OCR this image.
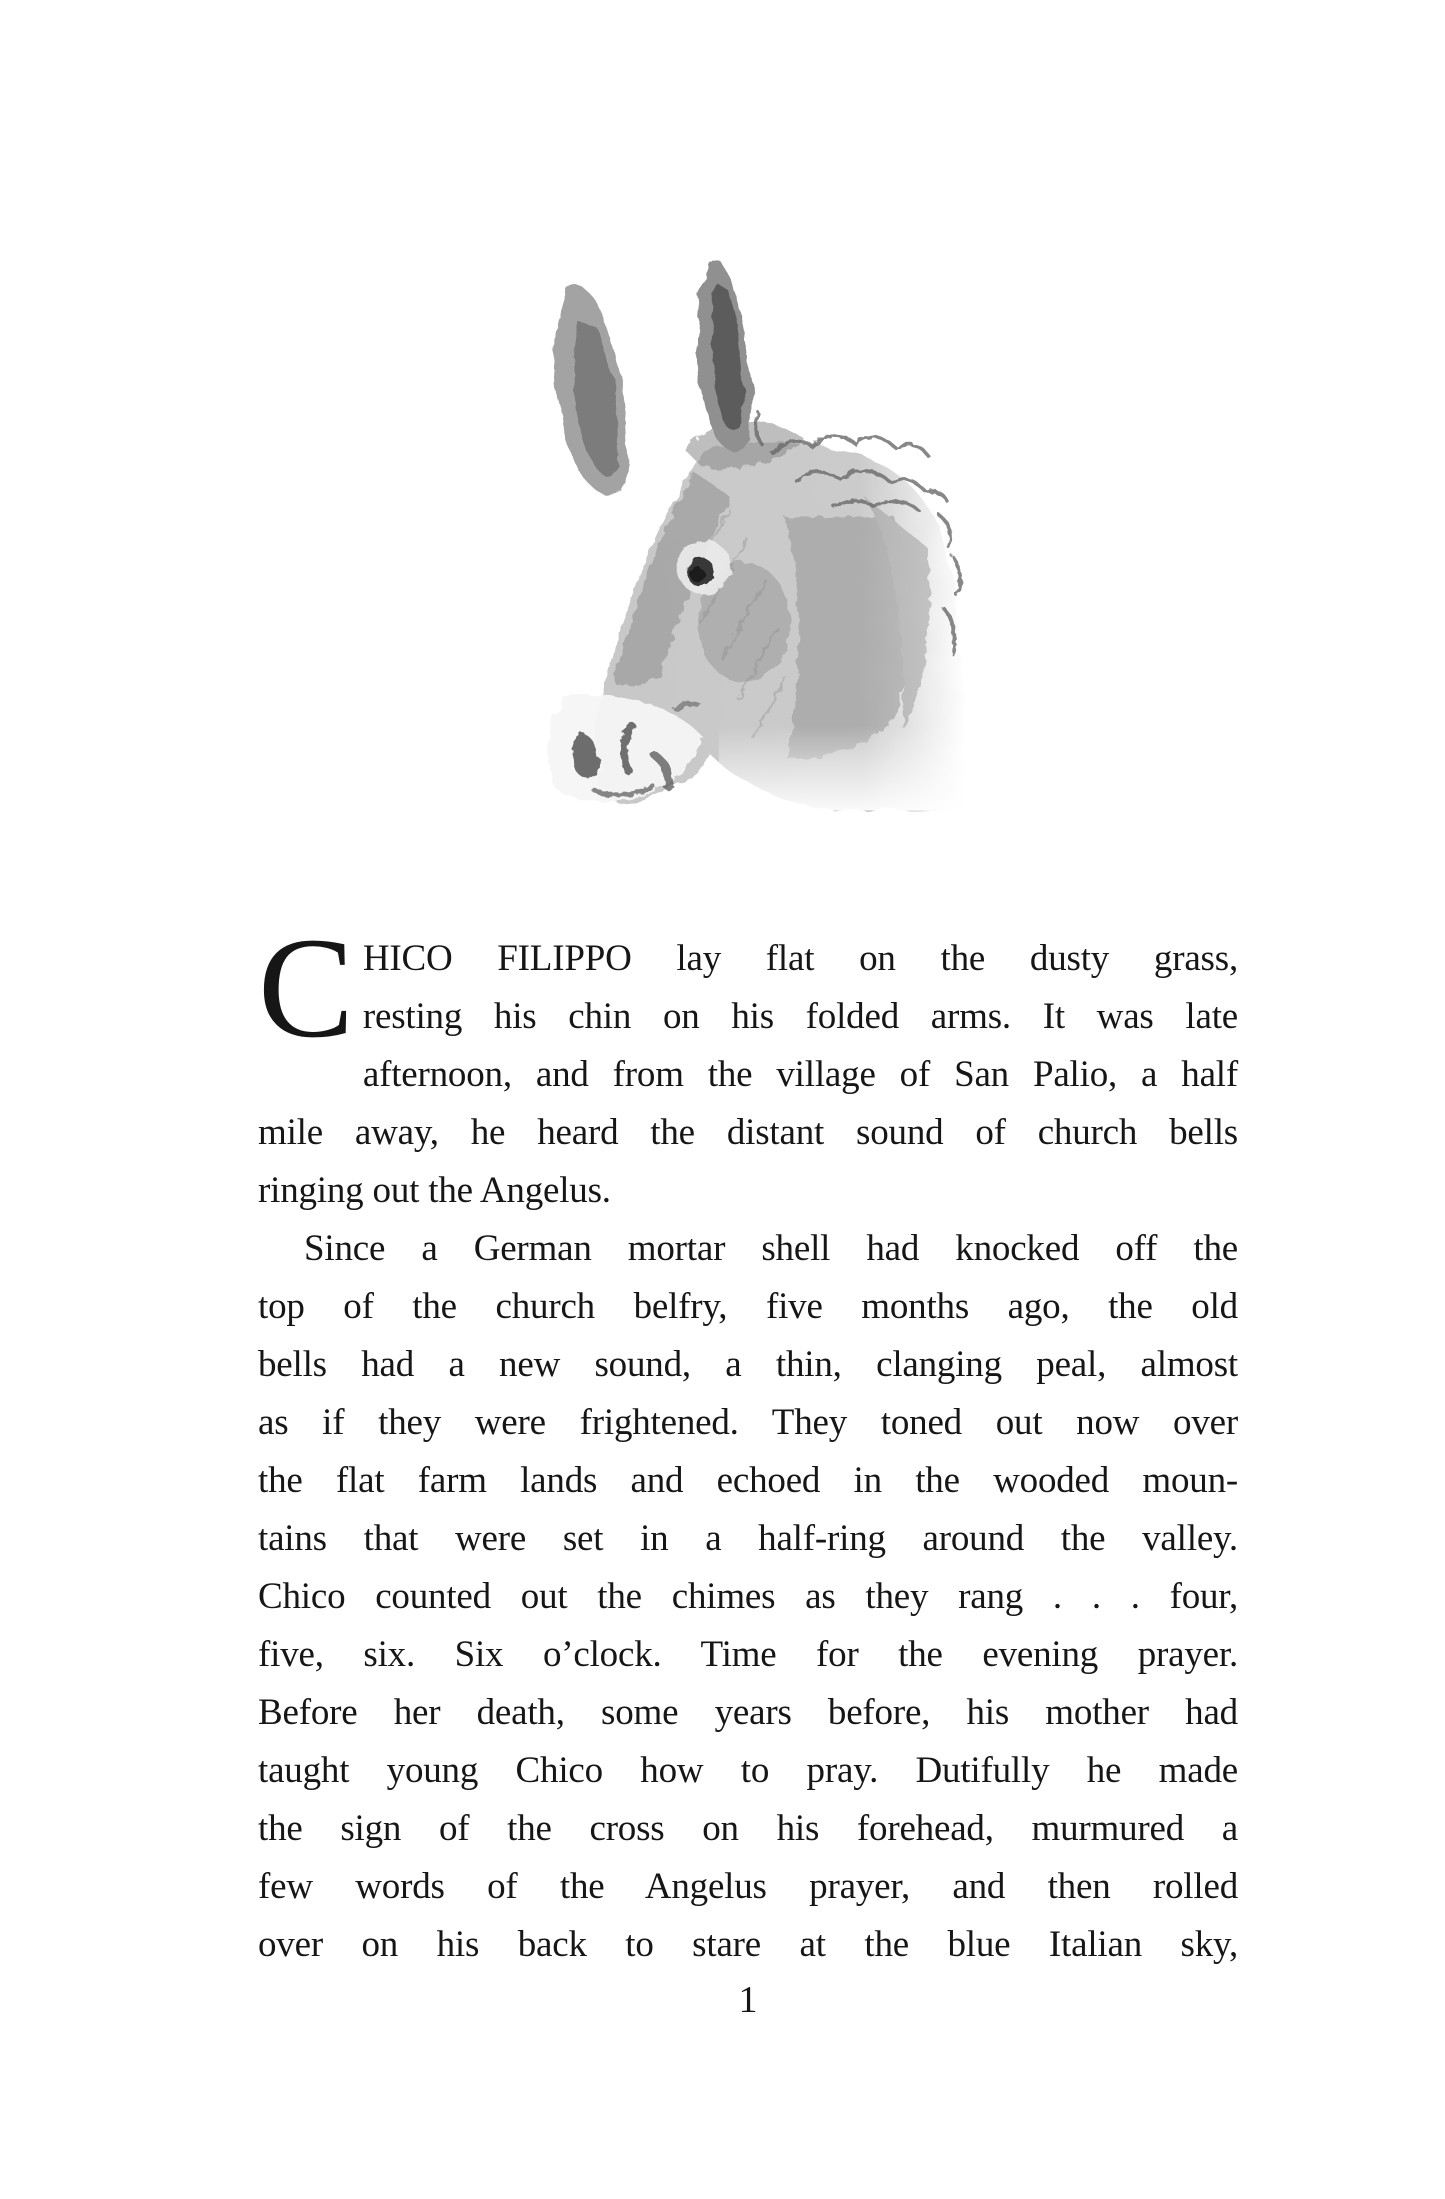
C HICO FILIPPO lay flat on the dusty grass,
resting his chin on his folded arms. It was late
afternoon, and from the village of San Palio, a half
mile away, he heard the distant sound of church bells
ringing out the Angelus.
Since a German mortar shell had knocked off the
top of the church belfry, five months ago, the old
bells had a new sound, a thin, clanging peal, almost
as if they were frightened. They toned out now over
the flat farm lands and echoed in the wooded moun-
tains that were set in a half-ring around the valley.
Chico counted out the chimes as they rang . . . four,
five, six. Six o’clock. Time for the evening prayer.
Before her death, some years before, his mother had
taught young Chico how to pray. Dutifully he made
the sign of the cross on his forehead, murmured a
few words of the Angelus prayer, and then rolled
over on his back to stare at the blue Italian sky,
1
